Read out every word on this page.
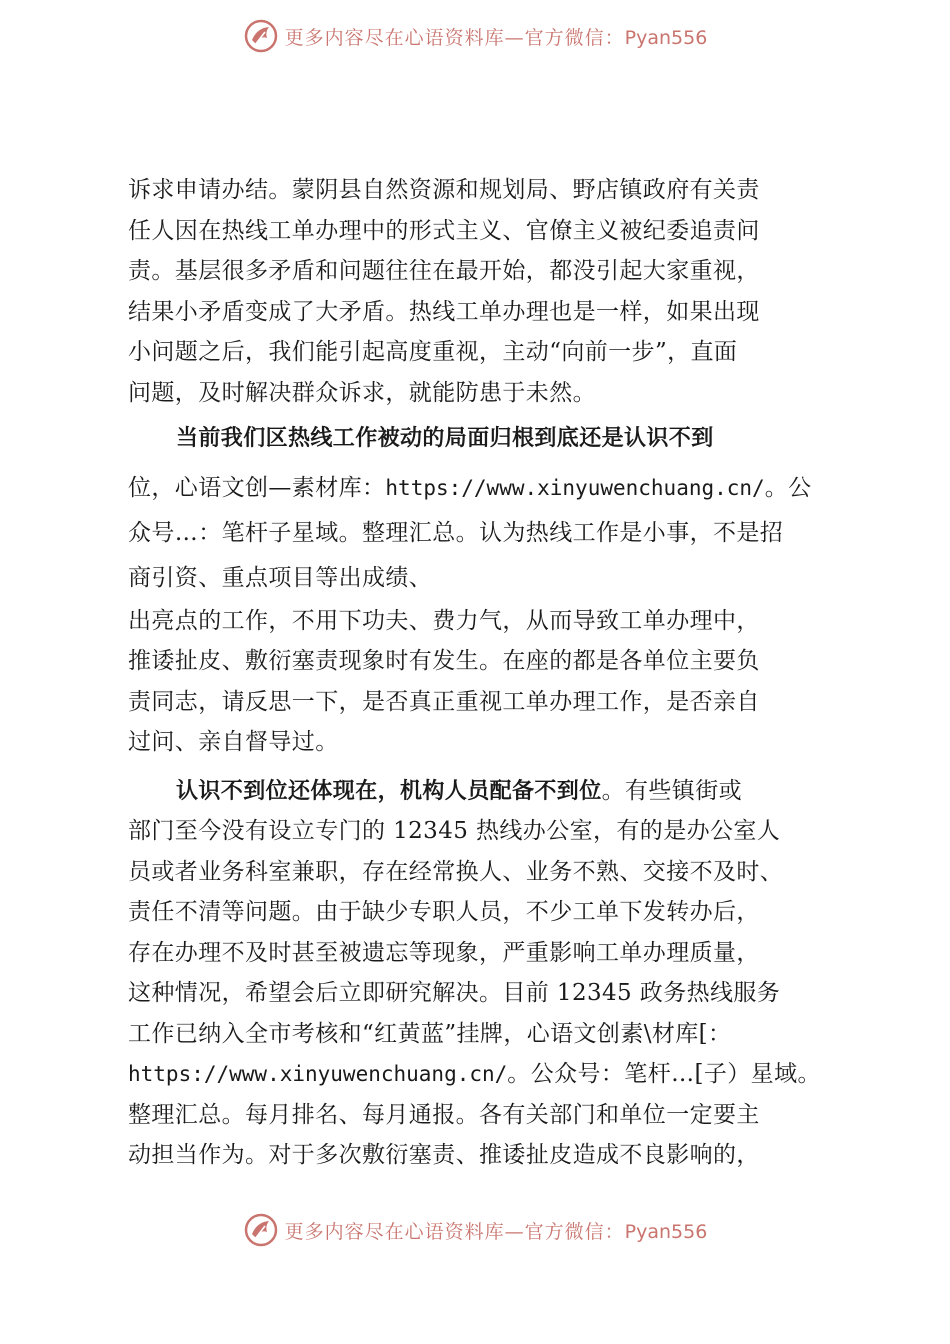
更多内容尽在心语资料库—官方微信：Pyan556
诉求申请办结。蒙阴县自然资源和规划局、野店镇政府有关责
任人因在热线工单办理中的形式主义、官僚主义被纪委追责问
责。基层很多矛盾和问题往往在最开始，都没引起大家重视，
结果小矛盾变成了大矛盾。热线工单办理也是一样，如果出现
小问题之后，我们能引起高度重视，主动“向前一步”，直面
问题，及时解决群众诉求，就能防患于未然。
当前我们区热线工作被动的局面归根到底还是认识不到
位，心语文创—素材库：https://www.xinyuwenchuang.cn/。公
众号…：笔杆子星域。整理汇总。认为热线工作是小事，不是招
商引资、重点项目等出成绩、
出亮点的工作，不用下功夫、费力气，从而导致工单办理中，
推诿扯皮、敷衍塞责现象时有发生。在座的都是各单位主要负
责同志，请反思一下，是否真正重视工单办理工作，是否亲自
过问、亲自督导过。
认识不到位还体现在，机构人员配备不到位。有些镇街或
部门至今没有设立专门的 12345 热线办公室，有的是办公室人
员或者业务科室兼职，存在经常换人、业务不熟、交接不及时、
责任不清等问题。由于缺少专职人员，不少工单下发转办后，
存在办理不及时甚至被遗忘等现象，严重影响工单办理质量，
这种情况，希望会后立即研究解决。目前 12345 政务热线服务
工作已纳入全市考核和“红黄蓝”挂牌，心语文创素\材库[：
https://www.xinyuwenchuang.cn/。公众号：笔杆…[子）星域。
整理汇总。每月排名、每月通报。各有关部门和单位一定要主
动担当作为。对于多次敷衍塞责、推诿扯皮造成不良影响的，
更多内容尽在心语资料库—官方微信：Pyan556
